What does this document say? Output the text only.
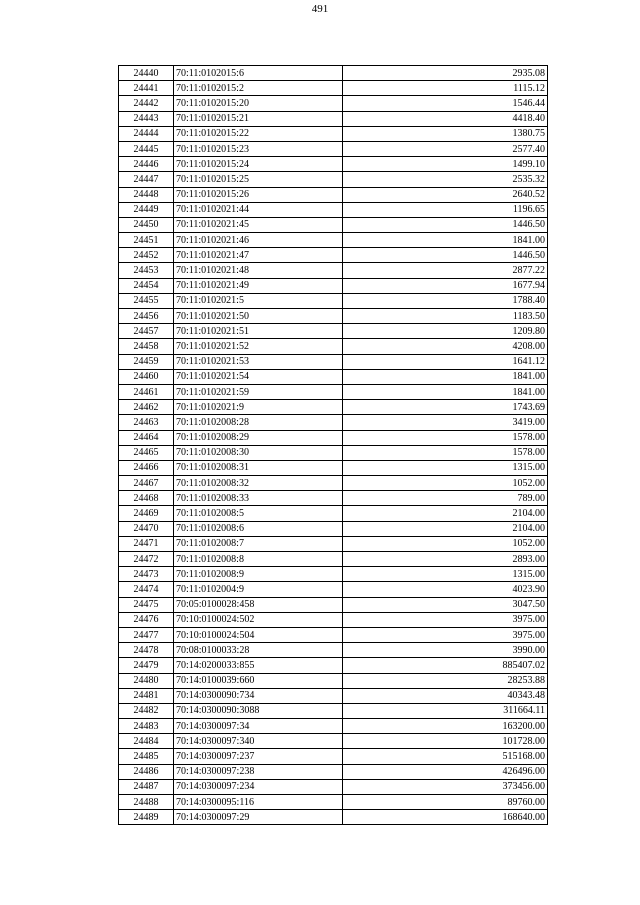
491
24440	70:11:0102015:6	2935.08
24441	70:11:0102015:2	1115.12
24442	70:11:0102015:20	1546.44
24443	70:11:0102015:21	4418.40
24444	70:11:0102015:22	1380.75
24445	70:11:0102015:23	2577.40
24446	70:11:0102015:24	1499.10
24447	70:11:0102015:25	2535.32
24448	70:11:0102015:26	2640.52
24449	70:11:0102021:44	1196.65
24450	70:11:0102021:45	1446.50
24451	70:11:0102021:46	1841.00
24452	70:11:0102021:47	1446.50
24453	70:11:0102021:48	2877.22
24454	70:11:0102021:49	1677.94
24455	70:11:0102021:5	1788.40
24456	70:11:0102021:50	1183.50
24457	70:11:0102021:51	1209.80
24458	70:11:0102021:52	4208.00
24459	70:11:0102021:53	1641.12
24460	70:11:0102021:54	1841.00
24461	70:11:0102021:59	1841.00
24462	70:11:0102021:9	1743.69
24463	70:11:0102008:28	3419.00
24464	70:11:0102008:29	1578.00
24465	70:11:0102008:30	1578.00
24466	70:11:0102008:31	1315.00
24467	70:11:0102008:32	1052.00
24468	70:11:0102008:33	789.00
24469	70:11:0102008:5	2104.00
24470	70:11:0102008:6	2104.00
24471	70:11:0102008:7	1052.00
24472	70:11:0102008:8	2893.00
24473	70:11:0102008:9	1315.00
24474	70:11:0102004:9	4023.90
24475	70:05:0100028:458	3047.50
24476	70:10:0100024:502	3975.00
24477	70:10:0100024:504	3975.00
24478	70:08:0100033:28	3990.00
24479	70:14:0200033:855	885407.02
24480	70:14:0100039:660	28253.88
24481	70:14:0300090:734	40343.48
24482	70:14:0300090:3088	311664.11
24483	70:14:0300097:34	163200.00
24484	70:14:0300097:340	101728.00
24485	70:14:0300097:237	515168.00
24486	70:14:0300097:238	426496.00
24487	70:14:0300097:234	373456.00
24488	70:14:0300095:116	89760.00
24489	70:14:0300097:29	168640.00
